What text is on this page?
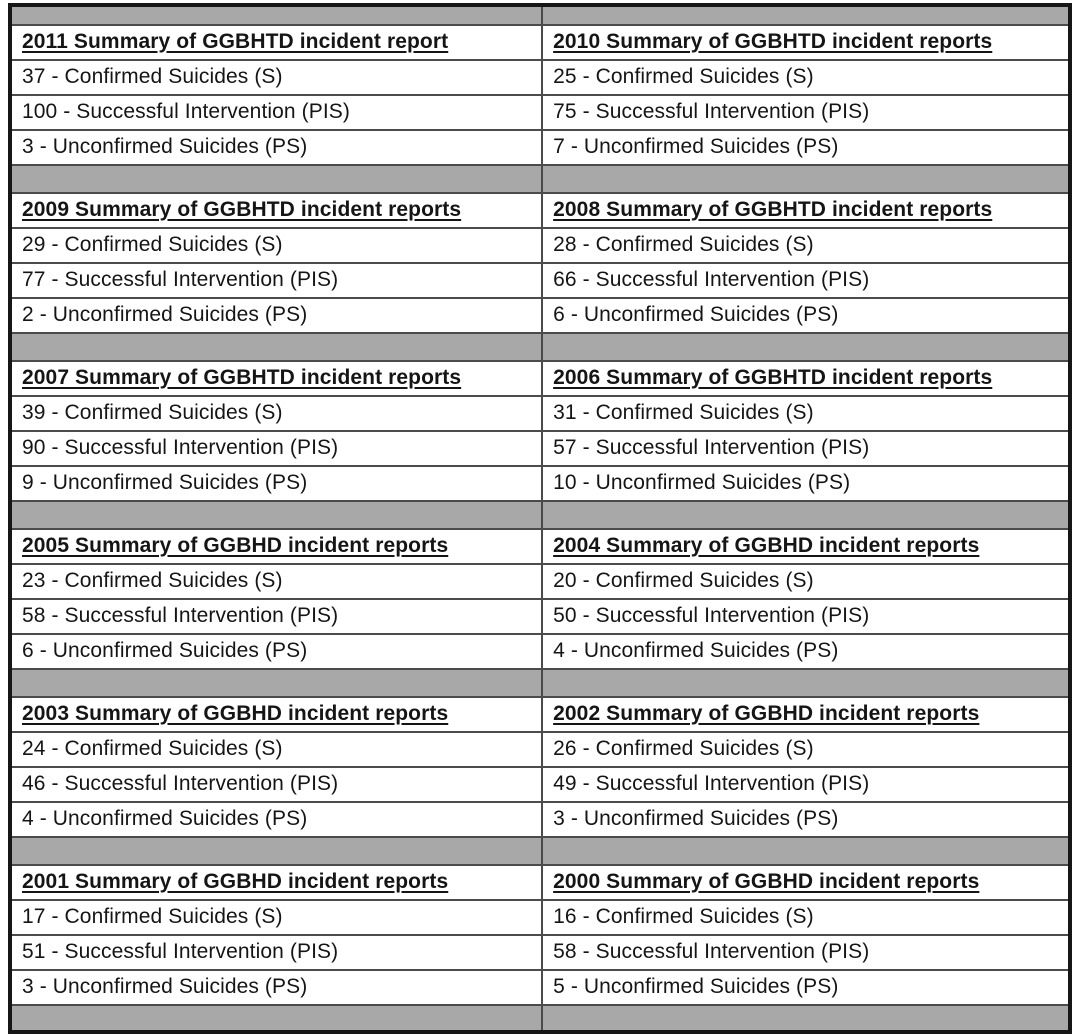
2011 Summary of GGBHTD incident report	2010 Summary of GGBHTD incident reports
37 - Confirmed Suicides (S)	25 - Confirmed Suicides (S)
100 - Successful Intervention (PIS)	75 - Successful Intervention (PIS)
3 - Unconfirmed Suicides (PS)	7 - Unconfirmed Suicides (PS)

2009 Summary of GGBHTD incident reports	2008 Summary of GGBHTD incident reports
29 - Confirmed Suicides (S)	28 - Confirmed Suicides (S)
77 - Successful Intervention (PIS)	66 - Successful Intervention (PIS)
2 - Unconfirmed Suicides (PS)	6 - Unconfirmed Suicides (PS)

2007 Summary of GGBHTD incident reports	2006 Summary of GGBHTD incident reports
39 - Confirmed Suicides (S)	31 - Confirmed Suicides (S)
90 - Successful Intervention (PIS)	57 - Successful Intervention (PIS)
9 - Unconfirmed Suicides (PS)	10 - Unconfirmed Suicides (PS)

2005 Summary of GGBHD incident reports	2004 Summary of GGBHD incident reports
23 - Confirmed Suicides (S)	20 - Confirmed Suicides (S)
58 - Successful Intervention (PIS)	50 - Successful Intervention (PIS)
6 - Unconfirmed Suicides (PS)	4 - Unconfirmed Suicides (PS)

2003 Summary of GGBHD incident reports	2002 Summary of GGBHD incident reports
24 - Confirmed Suicides (S)	26 - Confirmed Suicides (S)
46 - Successful Intervention (PIS)	49 - Successful Intervention (PIS)
4 - Unconfirmed Suicides (PS)	3 - Unconfirmed Suicides (PS)

2001 Summary of GGBHD incident reports	2000 Summary of GGBHD incident reports
17 - Confirmed Suicides (S)	16 - Confirmed Suicides (S)
51 - Successful Intervention (PIS)	58 - Successful Intervention (PIS)
3 - Unconfirmed Suicides (PS)	5 - Unconfirmed Suicides (PS)
